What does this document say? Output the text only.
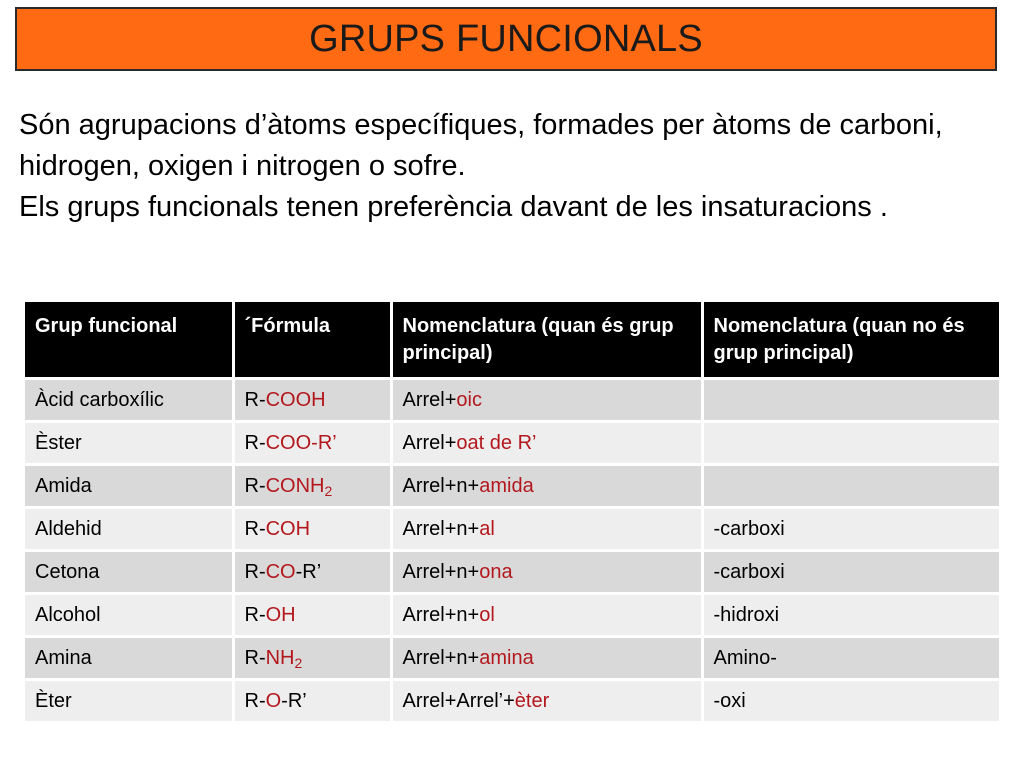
GRUPS FUNCIONALS

Són agrupacions d’àtoms específiques, formades per àtoms de carboni, hidrogen, oxigen i nitrogen o sofre.

Els grups funcionals tenen preferència davant de les insaturacions .

Grup funcional	´Fórmula	Nomenclatura (quan és grup principal)	Nomenclatura (quan no és grup principal)
Àcid carboxílic	R-COOH	Arrel+oic	
Èster	R-COO-R’	Arrel+oat de R’	
Amida	$R-CONH_2$	Arrel+n+amida	
Aldehid	R-COH	Arrel+n+al	-carboxi
Cetona	R-CO-R’	Arrel+n+ona	-carboxi
Alcohol	R-OH	Arrel+n+ol	-hidroxi
Amina	$R-NH_2$	Arrel+n+amina	Amino-
Èter	R-O-R’	Arrel+Arrel’+èter	-oxi
